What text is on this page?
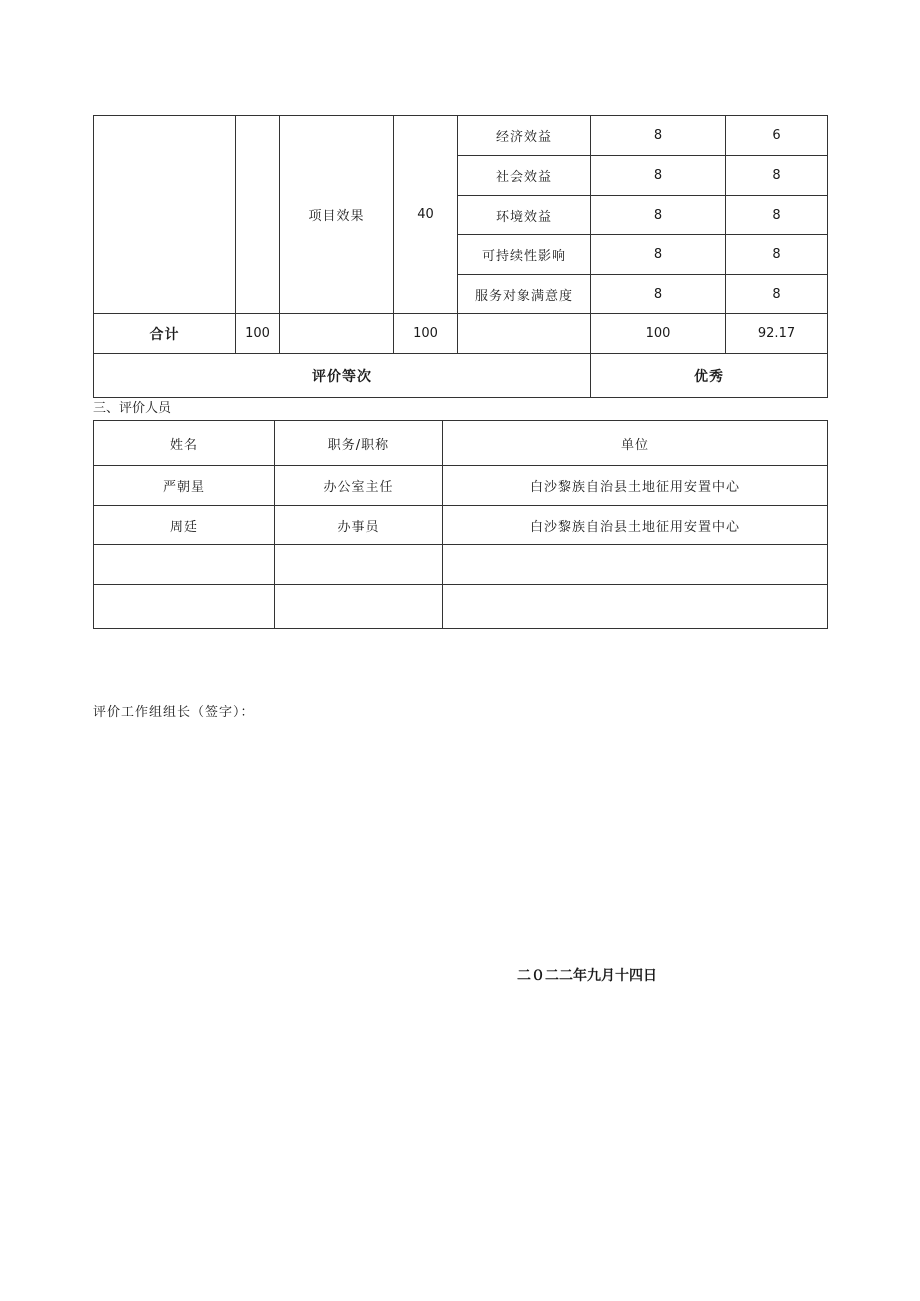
		项目效果	40	经济效益	8	6
				社会效益	8	8
				环境效益	8	8
				可持续性影响	8	8
				服务对象满意度	8	8
合计	100		100		100	92.17
评价等次					优秀	
三、评价人员
姓名	职务/职称	单位
严朝星	办公室主任	白沙黎族自治县土地征用安置中心
周廷	办事员	白沙黎族自治县土地征用安置中心

评价工作组组长（签字）：
二０二二年九月十四日
